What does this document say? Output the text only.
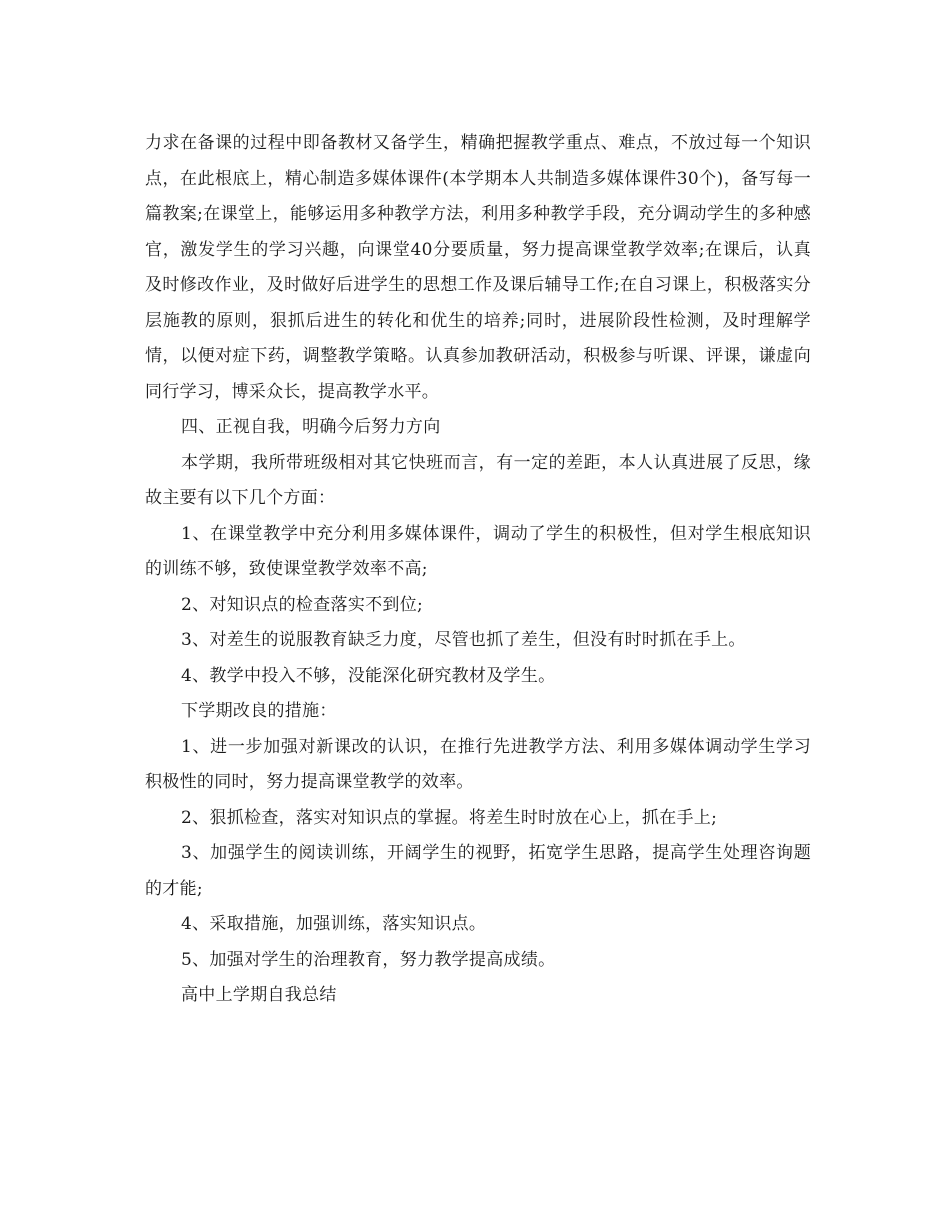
力求在备课的过程中即备教材又备学生，精确把握教学重点、难点，不放过每一个知识点，在此根底上，精心制造多媒体课件(本学期本人共制造多媒体课件30个)，备写每一篇教案;在课堂上，能够运用多种教学方法，利用多种教学手段，充分调动学生的多种感官，激发学生的学习兴趣，向课堂40分要质量，努力提高课堂教学效率;在课后，认真及时修改作业，及时做好后进学生的思想工作及课后辅导工作;在自习课上，积极落实分层施教的原则，狠抓后进生的转化和优生的培养;同时，进展阶段性检测，及时理解学情，以便对症下药，调整教学策略。认真参加教研活动，积极参与听课、评课，谦虚向同行学习，博采众长，提高教学水平。

四、正视自我，明确今后努力方向

本学期，我所带班级相对其它快班而言，有一定的差距，本人认真进展了反思，缘故主要有以下几个方面：

1、在课堂教学中充分利用多媒体课件，调动了学生的积极性，但对学生根底知识的训练不够，致使课堂教学效率不高;

2、对知识点的检查落实不到位;

3、对差生的说服教育缺乏力度，尽管也抓了差生，但没有时时抓在手上。

4、教学中投入不够，没能深化研究教材及学生。

下学期改良的措施：

1、进一步加强对新课改的认识，在推行先进教学方法、利用多媒体调动学生学习积极性的同时，努力提高课堂教学的效率。

2、狠抓检查，落实对知识点的掌握。将差生时时放在心上，抓在手上;

3、加强学生的阅读训练，开阔学生的视野，拓宽学生思路，提高学生处理咨询题的才能;

4、采取措施，加强训练，落实知识点。

5、加强对学生的治理教育，努力教学提高成绩。

高中上学期自我总结
